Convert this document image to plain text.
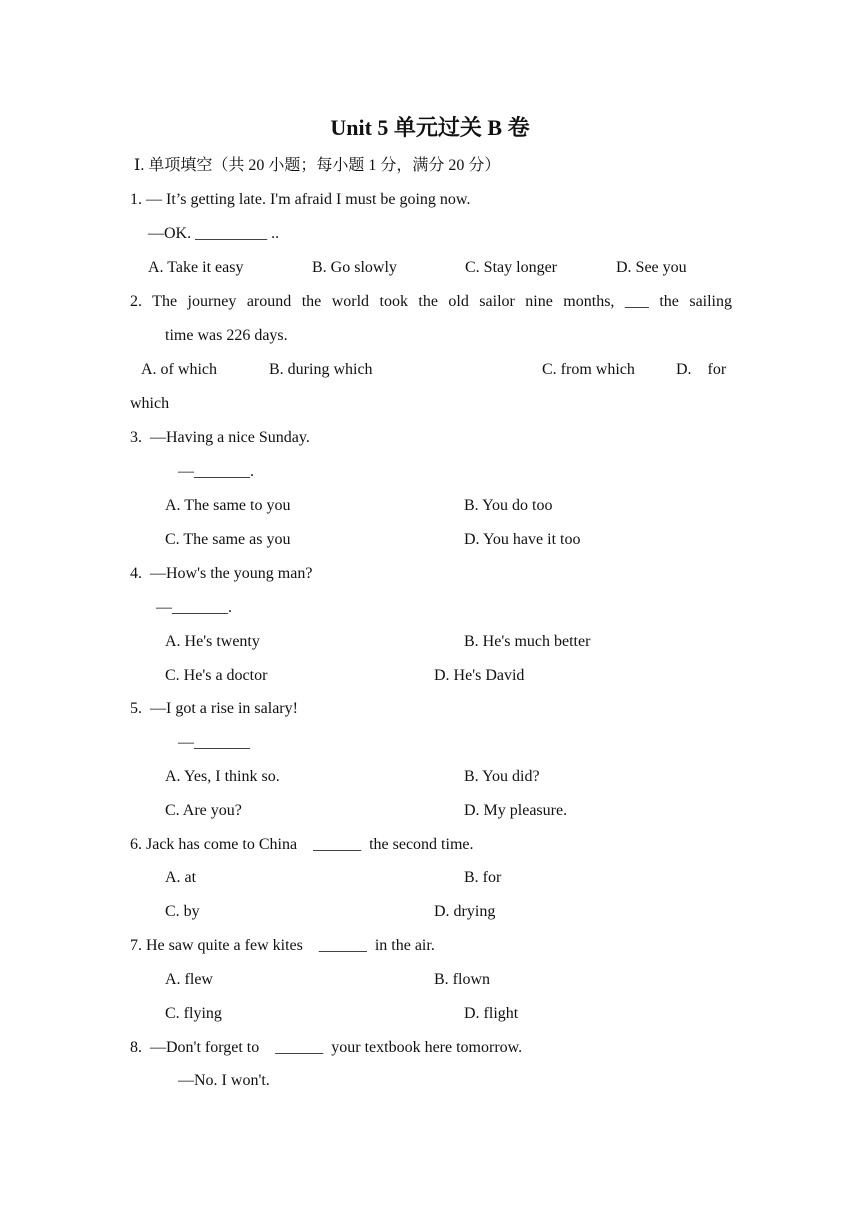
Unit 5 单元过关 B 卷
Ⅰ. 单项填空（共 20 小题；每小题 1 分，满分 20 分）
1. — It’s getting late. I'm afraid I must be going now.
—OK. _________ ..
A. Take it easy	B. Go slowly	C. Stay longer	D. See you
2. The journey around the world took the old sailor nine months, ___ the sailing
time was 226 days.
A. of which	B. during which	C. from which	D.    for
which
3.  —Having a nice Sunday.
—_______.
A. The same to you	B. You do too
C. The same as you	D. You have it too
4.  —How's the young man?
—_______.
A. He's twenty	B. He's much better
C. He's a doctor	D. He's David
5.  —I got a rise in salary!
—_______
A. Yes, I think so.	B. You did?
C. Are you?	D. My pleasure.
6. Jack has come to China    ______  the second time.
A. at	B. for
C. by	D. drying
7. He saw quite a few kites    ______  in the air.
A. flew	B. flown
C. flying	D. flight
8.  —Don't forget to    ______  your textbook here tomorrow.
—No. I won't.
